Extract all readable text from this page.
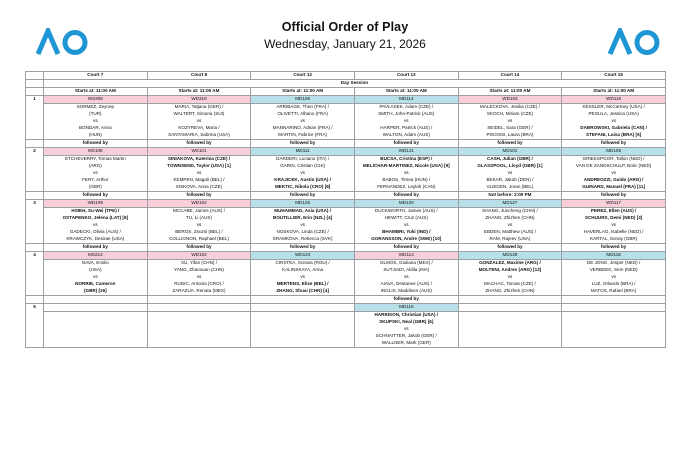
Official Order of Play
Wednesday, January 21, 2026
	Court 7	Court 8	Court 12	Court 13	Court 14	Court 15
	Day Session					
	Starts at: 11:00 AM	Starts at: 11:00 AM	Starts at: 11:00 AM	Starts at: 11:00 AM	Starts at: 11:00 AM	Starts at: 11:00 AM
1	WS305	WD319	MD106	MD114	WD103	WD116

	SORMEZ, Zeynep
(TUR)
vs
BONDAR, Anna
(HUN)	MARIA, Tatjana (GER) /
WALTERT, Simona (SUI)
vs
KOZYREVA, Maria /
SANTAMARIA, Sabrina (USA)	ARRIBAGE, Theo (FRA) /
OLIVETTI, Albano (FRA)
vs
MANNARINO, Adrian (FRA) /
MARTIN, Fabrice (FRA)	PAVLASEK, Adam (CZE) /
SMITH, John-Patrick (AUS)
vs
HARPER, Patrick (AUS) /
WALTON, Adam (AUS)	MALECKOVA, Jesika (CZE) /
SKOCH, Miriam (CZE)
vs
SEIDEL, Sara (GER) /
PIGOSSI, Laura (BRA)	KESSLER, McCartney (USA) /
PEGULA, Jessica (USA)
vs
DABROWSKI, Gabriela (CAN) /
STEFANI, Luisa (BRA) [6]

	followed by	followed by	followed by	followed by	followed by	followed by
2	MS108	WS101	MD111	WD121	MD101	MD108

	ETCHEVERRY, Tomas Martin
(ARG)
vs
FERY, Arthur
(GBR)	SINIAKOVA, Katerina (CZE) /
TOWNSEND, Taylor (USA) [1]
vs
KEMPEN, Magali (BEL) /
SISKOVA, Anna (CZE)	DARDERI, Luciano (ITA) /
GARIN, Cristian (CHI)
vs
KRAJICEK, Austin (USA) /
MEKTIC, Nikola (CRO) [8]	BUCSA, Cristina (ESP) /
MELICHAR-MARTINEZ, Nicole (USA) [9]
vs
BABOS, Timea (HUN) /
FERNANDEZ, Leylah (CAN)	CASH, Julian (GBR) /
GLASSPOOL, Lloyd (GBR) [1]
vs
BEKAR, Jakob (DEN) /
VLIEGEN, Joran (BEL)	GRIEKSPOOR, Tallon (NED) /
VAN DE ZANDSCHULP, Botic (NED)
vs
ANDREOZZI, Guido (ARG) /
GUINARD, Manuel (FRA) [11]

	followed by	followed by	followed by	followed by	Not before: 2:00 PM	followed by
3	WD109	WD102	MD125	MD120	MD127	WD117

	HSIEH, Su-Wei (TPE) /
OSTAPENKO, Jelena (LAT) [8]
vs
GADECKI, Olivia (AUS) /
KRAWCZYK, Desirae (USA)	MCCABE, James (AUS) /
TU, Li (AUS)
vs
BEROS, Zsuzsi (BEL) /
COLLIGNON, Raphael (BEL)	MUHAMMAD, Asia (USA) /
BOUTILLIER, Erin (NZL) [4]
vs
NOSKOVA, Linda (CZE) /
SRAMKOVA, Rebecca (SVK)	DUCKWORTH, James (AUS) /
HEWITT, Cruz (AUS)
vs
BHAMBRI, Yuki (IND) /
GORANSSON, Andre (SWE) [10]	SHANG, Juncheng (CHN) /
ZHANG, Zhizhen (CHN)
vs
EBDEN, Matthew (AUS) /
RAM, Rajeev (USA)	PEREZ, Ellen (AUS) /
SCHUURS, Demi (NED) [3]
vs
HAVERLAG, Isabelle (NED) /
KARTAL, Sonay (GBR)

	followed by	followed by	followed by	followed by	followed by	followed by
4	MS213	WD102	WD124	WD114	MD129	MD118

	NAVA, Emilio
(USA)
vs
NORRIE, Cameron
(GBR) [26]	XU, Yifan (CHN) /
YANG, Zhaoxuan (CHN)
vs
RUDIC, Antonia (CRO) /
ZARAZUA, Renata (MEX)	CIRSTEA, Sorana (ROU) /
KALINSKAYA, Anna
vs
MERTENS, Elise (BEL) /
ZHANG, Shuai (CHN) [4]	OLMOS, Giuliana (MEX) /
SUTJIADI, Aldila (INA)
vs
AIAVA, Destanee (AUS) /
INGLIS, Maddison (AUS)	GONZALEZ, Maxime (ARG) /
MOLTENI, Andres (ARG) [13]
vs
MACHAC, Tomas (CZE) /
ZHANG, Zhizhen (CHN)	DE JONG, Jesper (NED) /
VERBEEK, Sem (NED)
vs
LUZ, Orlando (BRA) /
MATOS, Rafael (BRA)

				followed by		
5				MD115		

				HARRISON, Christian (USA) /
SKUPSKI, Neal (GBR) [6]
vs
SCHNAITTER, Jakob (GER) /
WALLNER, Mark (GER)		
